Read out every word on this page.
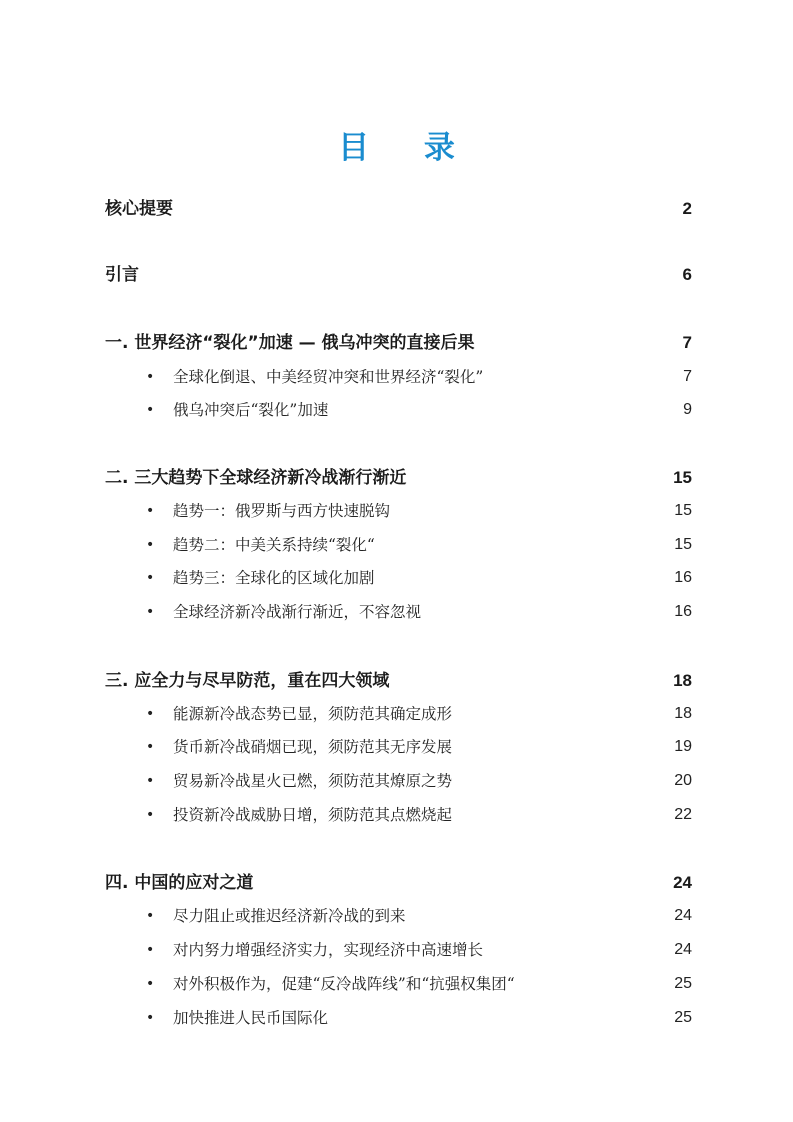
目 录
核心提要	2
引言	6
一. 世界经济“裂化”加速 — 俄乌冲突的直接后果	7
• 全球化倒退、中美经贸冲突和世界经济“裂化”	7
• 俄乌冲突后“裂化”加速	9
二. 三大趋势下全球经济新冷战渐行渐近	15
• 趋势一：俄罗斯与西方快速脱钩	15
• 趋势二：中美关系持续“裂化“	15
• 趋势三：全球化的区域化加剧	16
• 全球经济新冷战渐行渐近，不容忽视	16
三. 应全力与尽早防范，重在四大领域	18
• 能源新冷战态势已显，须防范其确定成形	18
• 货币新冷战硝烟已现，须防范其无序发展	19
• 贸易新冷战星火已燃，须防范其燎原之势	20
• 投资新冷战威胁日增，须防范其点燃烧起	22
四. 中国的应对之道	24
• 尽力阻止或推迟经济新冷战的到来	24
• 对内努力增强经济实力，实现经济中高速增长	24
• 对外积极作为，促建“反冷战阵线”和“抗强权集团“	25
• 加快推进人民币国际化	25
